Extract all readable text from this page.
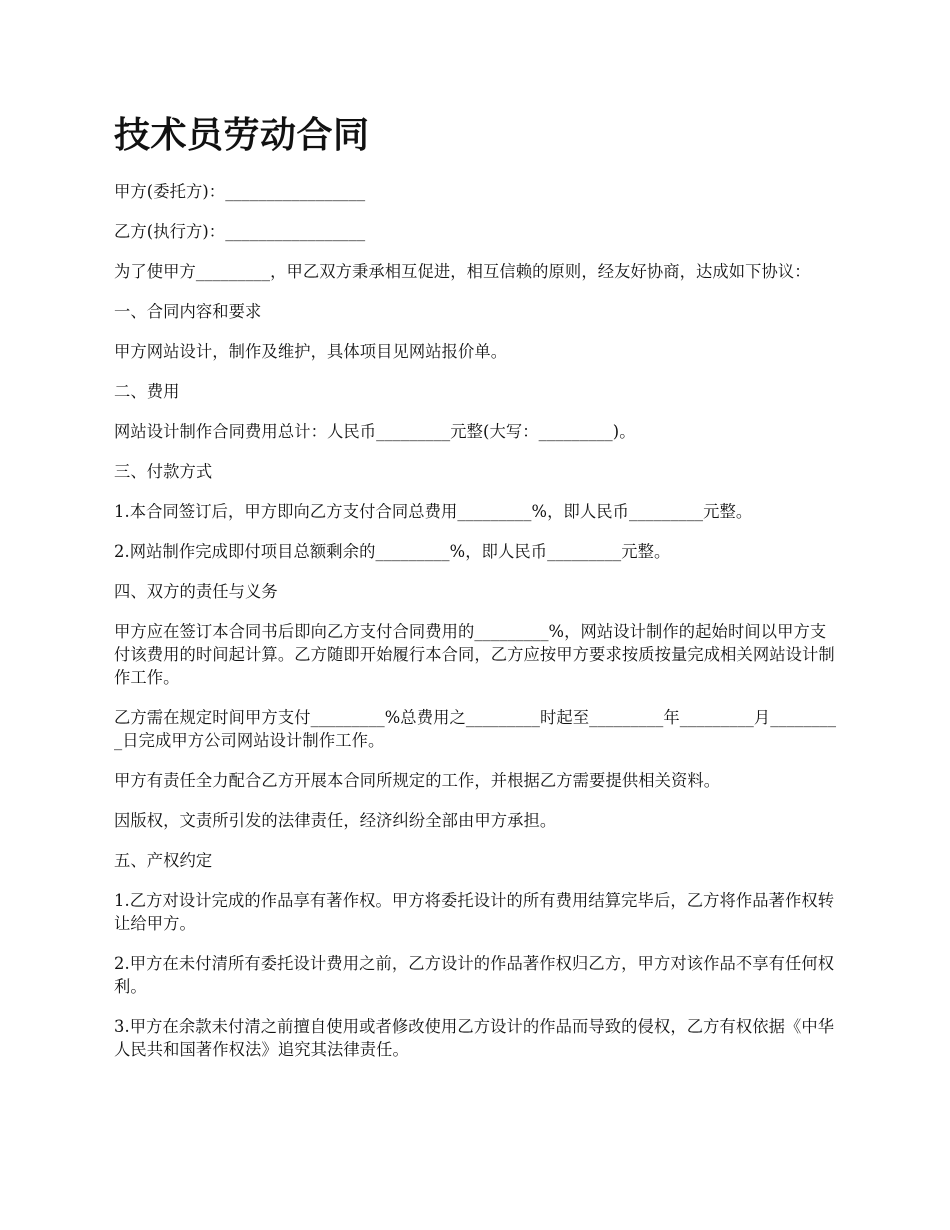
技术员劳动合同

甲方(委托方)：_________________

乙方(执行方)：_________________

为了使甲方_________，甲乙双方秉承相互促进，相互信赖的原则，经友好协商，达成如下协议：

一、合同内容和要求

甲方网站设计，制作及维护，具体项目见网站报价单。

二、费用

网站设计制作合同费用总计：人民币_________元整(大写：_________)。

三、付款方式

1.本合同签订后，甲方即向乙方支付合同总费用_________%，即人民币_________元整。

2.网站制作完成即付项目总额剩余的_________%，即人民币_________元整。

四、双方的责任与义务

甲方应在签订本合同书后即向乙方支付合同费用的_________%，网站设计制作的起始时间以甲方支付该费用的时间起计算。乙方随即开始履行本合同，乙方应按甲方要求按质按量完成相关网站设计制作工作。

乙方需在规定时间甲方支付_________%总费用之_________时起至_________年_________月_________日完成甲方公司网站设计制作工作。

甲方有责任全力配合乙方开展本合同所规定的工作，并根据乙方需要提供相关资料。

因版权，文责所引发的法律责任，经济纠纷全部由甲方承担。

五、产权约定

1.乙方对设计完成的作品享有著作权。甲方将委托设计的所有费用结算完毕后，乙方将作品著作权转让给甲方。

2.甲方在未付清所有委托设计费用之前，乙方设计的作品著作权归乙方，甲方对该作品不享有任何权利。

3.甲方在余款未付清之前擅自使用或者修改使用乙方设计的作品而导致的侵权，乙方有权依据《中华人民共和国著作权法》追究其法律责任。
